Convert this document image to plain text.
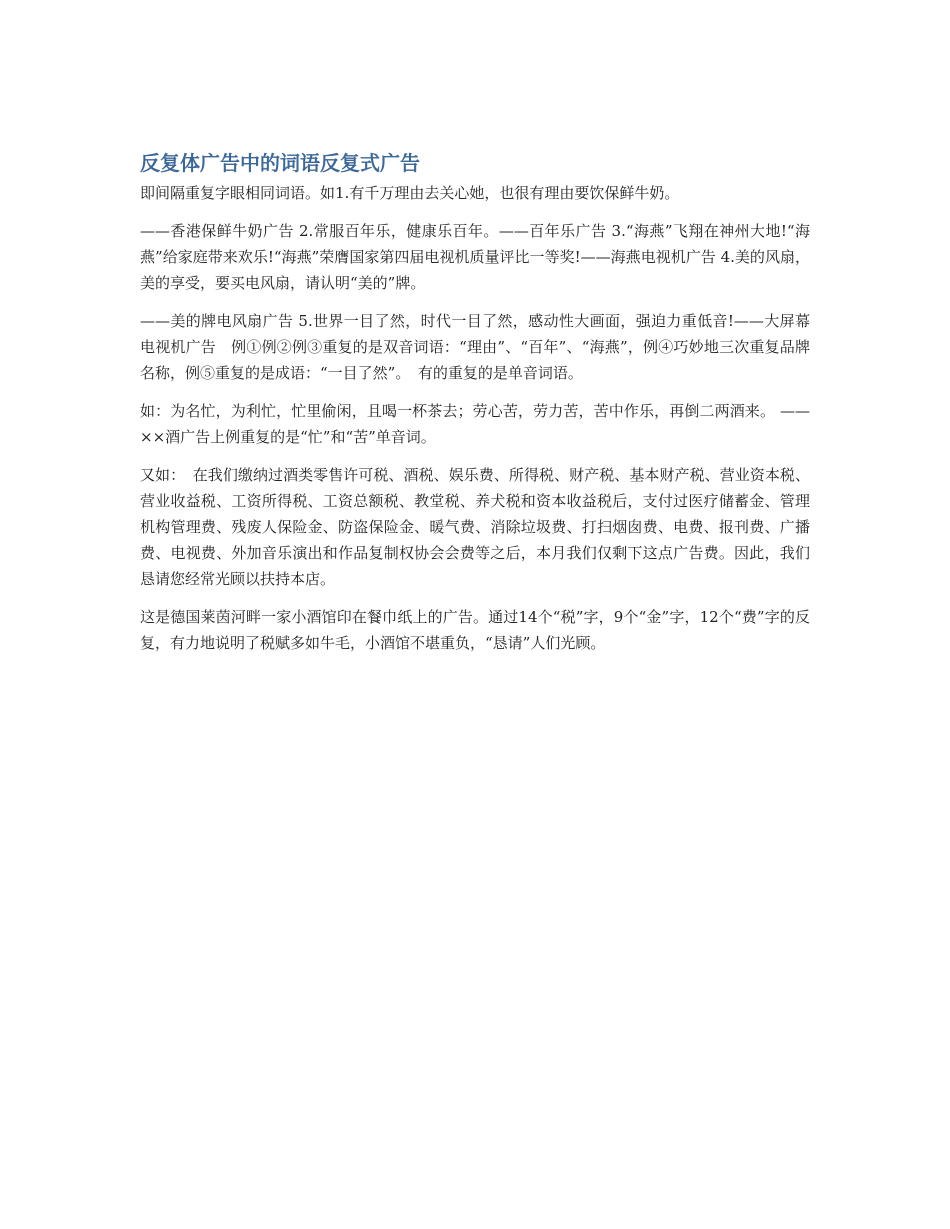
反复体广告中的词语反复式广告

即间隔重复字眼相同词语。如1.有千万理由去关心她，也很有理由要饮保鲜牛奶。

——香港保鲜牛奶广告 2.常服百年乐，健康乐百年。——百年乐广告 3.“海燕”飞翔在神州大地!“海燕”给家庭带来欢乐!“海燕”荣膺国家第四届电视机质量评比一等奖!——海燕电视机广告 4.美的风扇，美的享受，要买电风扇，请认明“美的”牌。

——美的牌电风扇广告 5.世界一目了然，时代一目了然，感动性大画面，强迫力重低音!——大屏幕电视机广告　例①例②例③重复的是双音词语：“理由”、“百年”、“海燕”，例④巧妙地三次重复品牌名称，例⑤重复的是成语：“一目了然”。　有的重复的是单音词语。

如：为名忙，为利忙，忙里偷闲，且喝一杯茶去；劳心苦，劳力苦，苦中作乐，再倒二两酒来。 ——××酒广告上例重复的是“忙”和“苦”单音词。

又如：　在我们缴纳过酒类零售许可税、酒税、娱乐费、所得税、财产税、基本财产税、营业资本税、营业收益税、工资所得税、工资总额税、教堂税、养犬税和资本收益税后，支付过医疗储蓄金、管理机构管理费、残废人保险金、防盗保险金、暖气费、消除垃圾费、打扫烟囱费、电费、报刊费、广播费、电视费、外加音乐演出和作品复制权协会会费等之后，本月我们仅剩下这点广告费。因此，我们恳请您经常光顾以扶持本店。

这是德国莱茵河畔一家小酒馆印在餐巾纸上的广告。通过14个“税”字，9个“金”字，12个“费”字的反复，有力地说明了税赋多如牛毛，小酒馆不堪重负，“恳请”人们光顾。
